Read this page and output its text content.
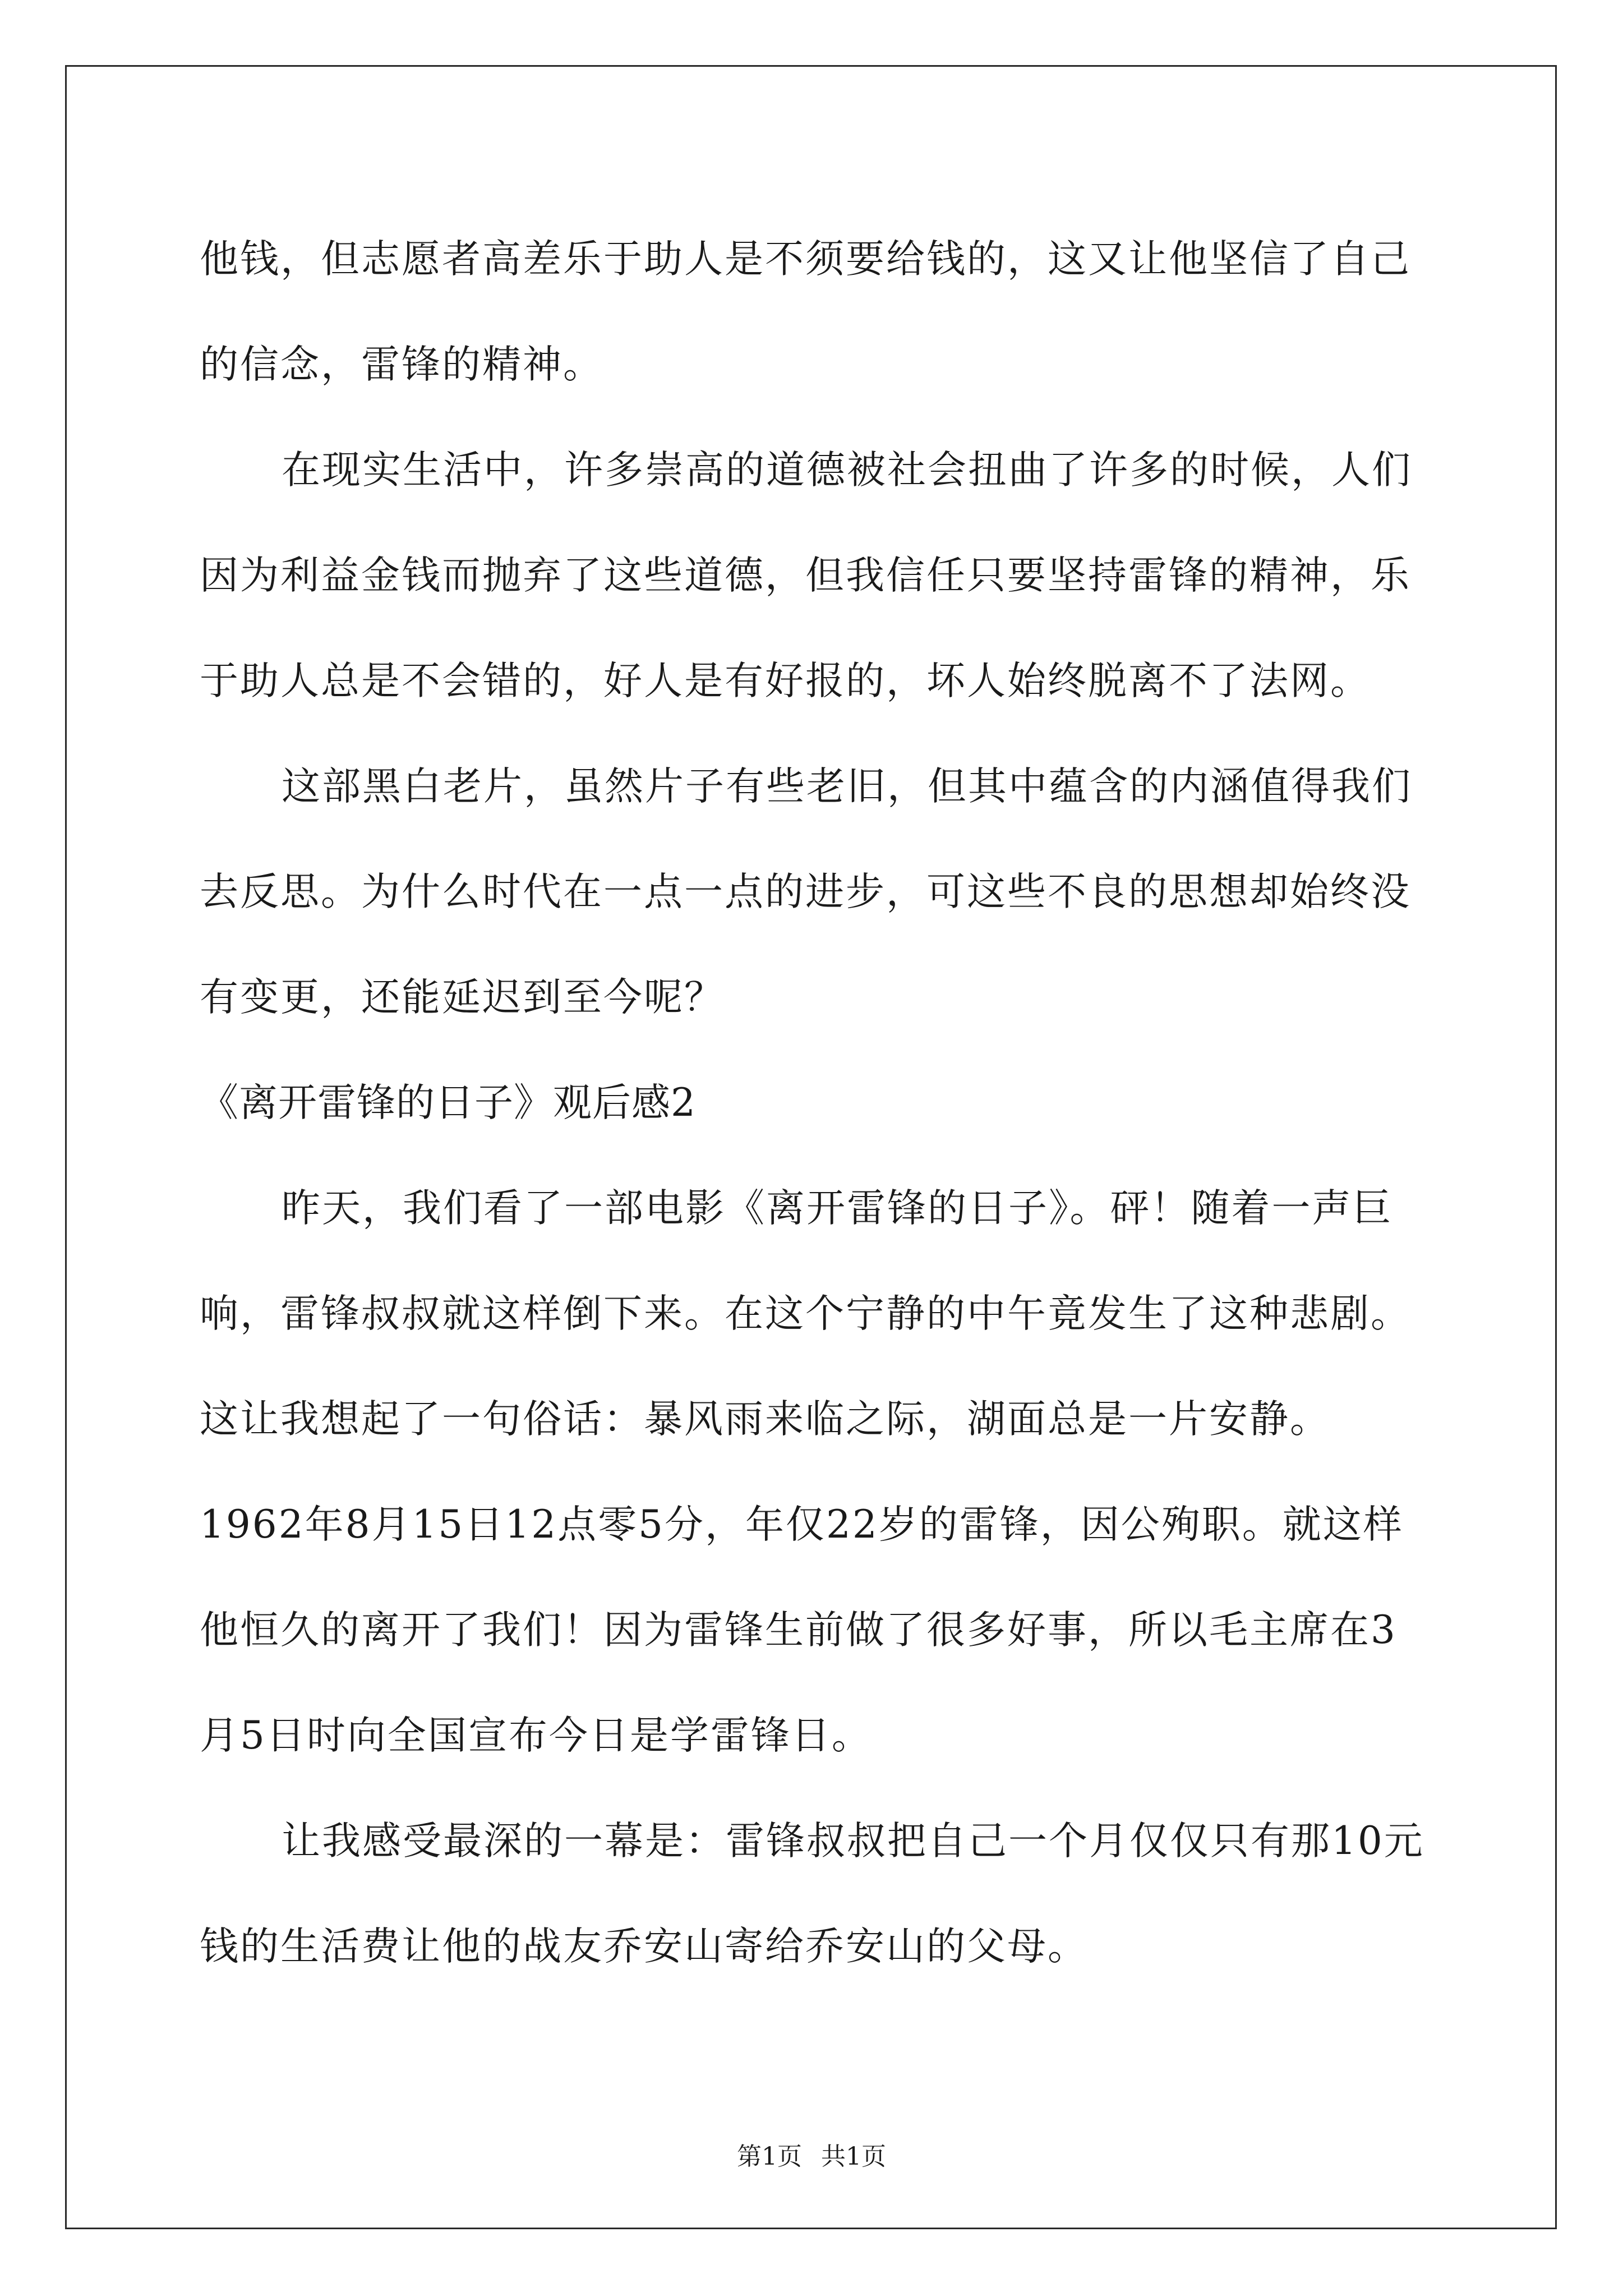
他钱，但志愿者高差乐于助人是不须要给钱的，这又让他坚信了自己的信念，雷锋的精神。

在现实生活中，许多崇高的道德被社会扭曲了许多的时候，人们因为利益金钱而抛弃了这些道德，但我信任只要坚持雷锋的精神，乐于助人总是不会错的，好人是有好报的，坏人始终脱离不了法网。

这部黑白老片，虽然片子有些老旧，但其中蕴含的内涵值得我们去反思。为什么时代在一点一点的进步，可这些不良的思想却始终没有变更，还能延迟到至今呢？

《离开雷锋的日子》观后感2

昨天，我们看了一部电影《离开雷锋的日子》。砰！随着一声巨响，雷锋叔叔就这样倒下来。在这个宁静的中午竟发生了这种悲剧。这让我想起了一句俗话：暴风雨来临之际，湖面总是一片安静。1962年8月15日12点零5分，年仅22岁的雷锋，因公殉职。就这样他恒久的离开了我们！因为雷锋生前做了很多好事，所以毛主席在3月5日时向全国宣布今日是学雷锋日。

让我感受最深的一幕是：雷锋叔叔把自己一个月仅仅只有那10元钱的生活费让他的战友乔安山寄给乔安山的父母。

第1页 共1页
